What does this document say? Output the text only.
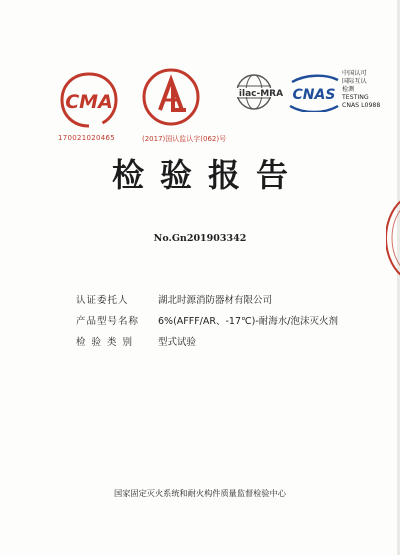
CMA
170021020465	(2017)国认监认字(062)号
ilac-MRA CNAS
中国认可
国际互认
检测
TESTING
CNAS L0988
检验报告
No.Gn201903342
认证委托人	湖北时源消防器材有限公司
产品型号名称	6%(AFFF/AR、-17℃)-耐海水/泡沫灭火剂
检验类别	型式试验
国家固定灭火系统和耐火构件质量监督检验中心
